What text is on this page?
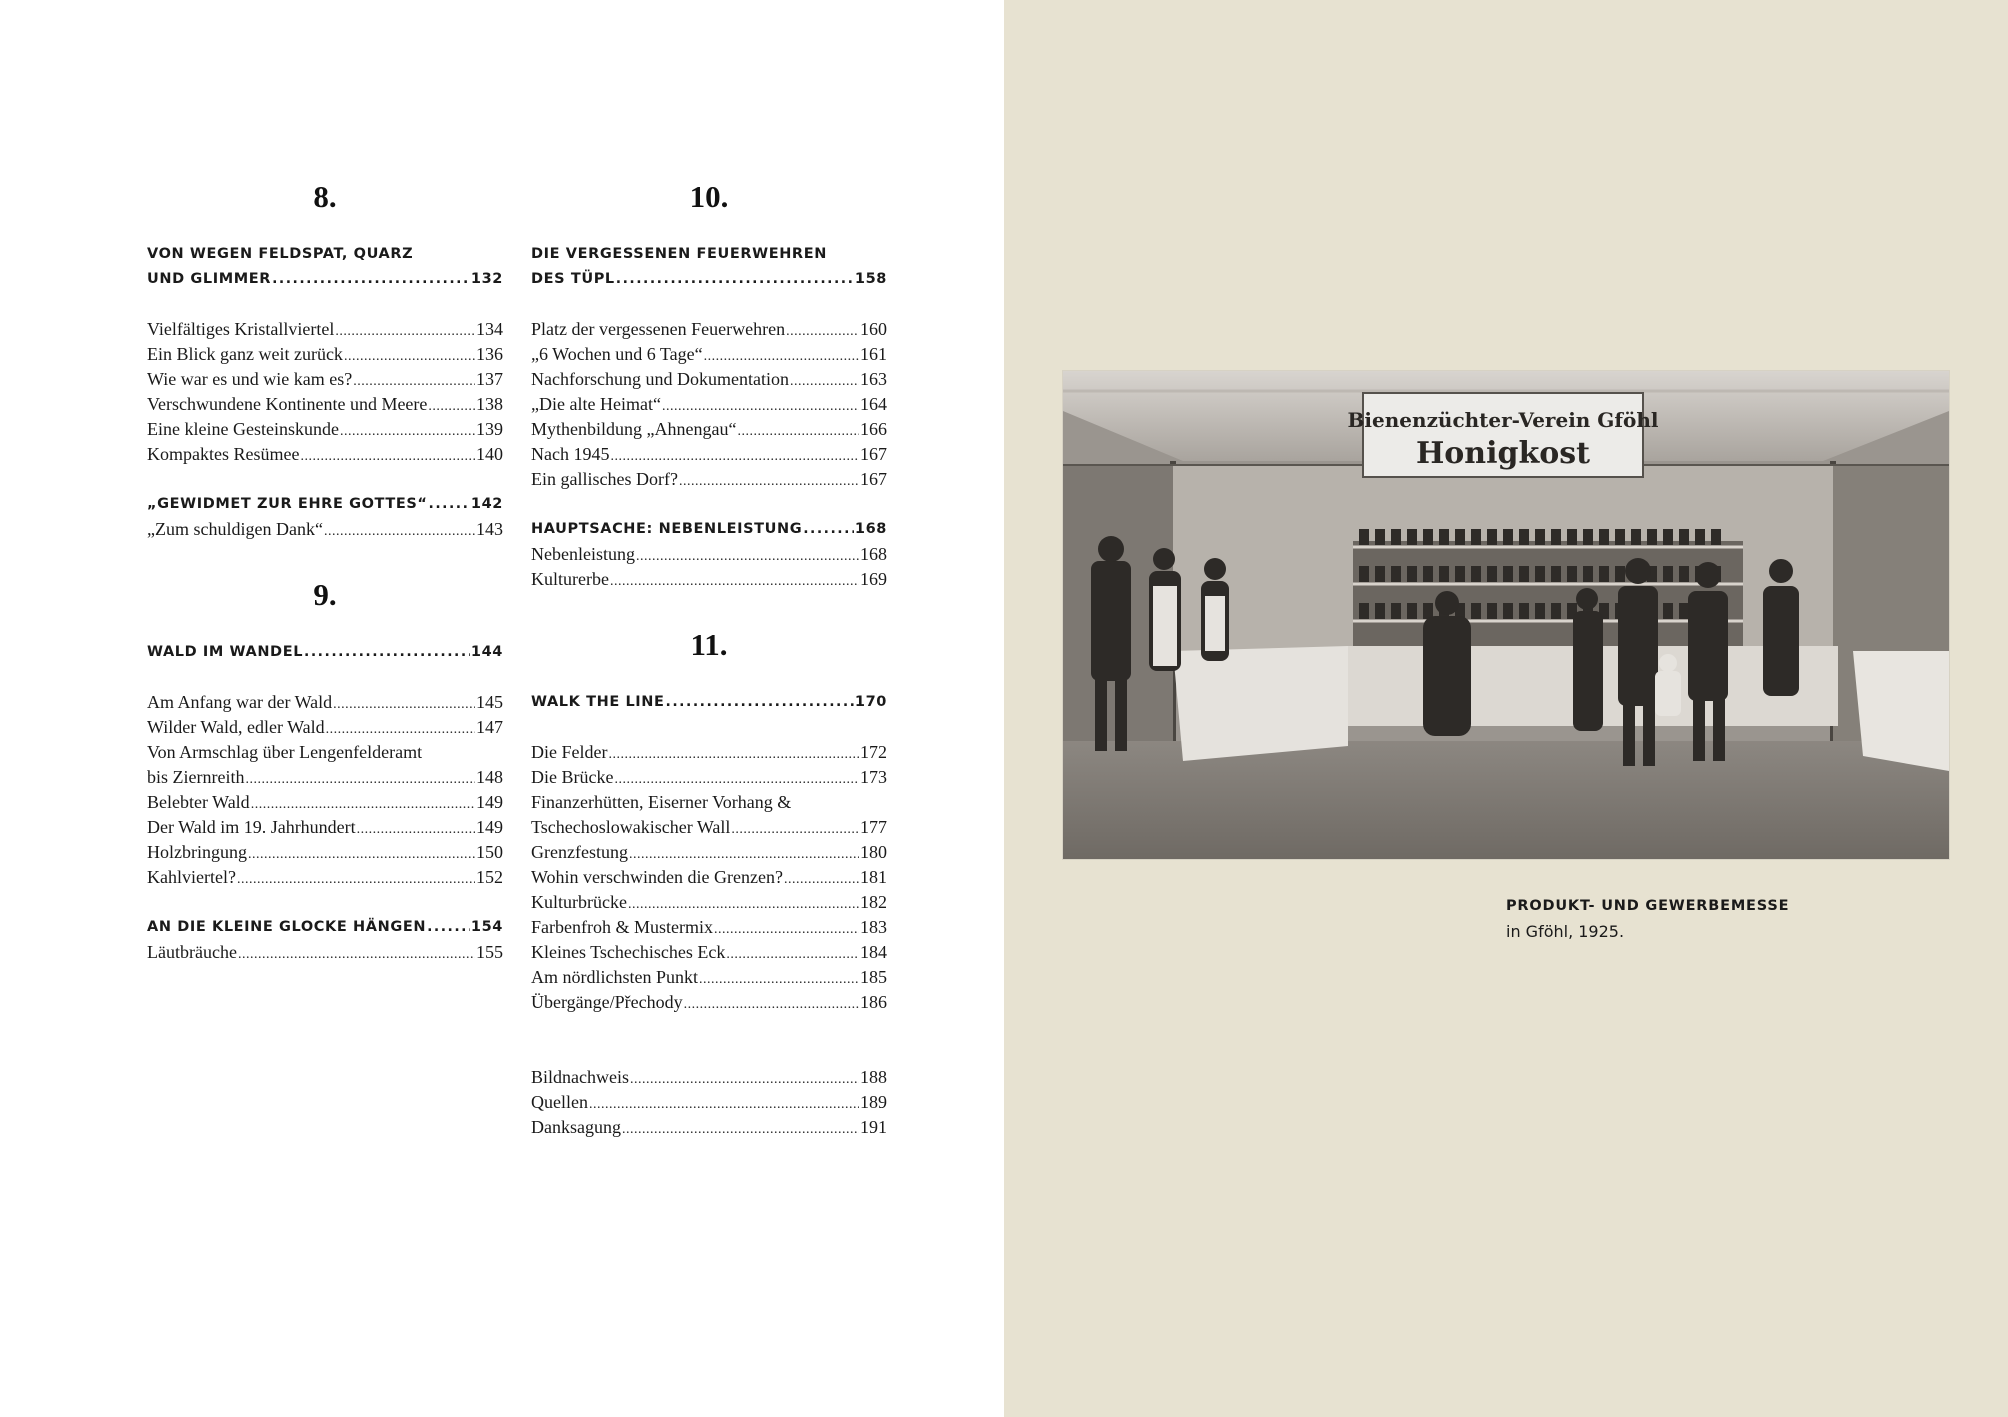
8.
VON WEGEN FELDSPAT, QUARZ
UND GLIMMER .....	132
Vielfältiges Kristallviertel .....	134
Ein Blick ganz weit zurück .....	136
Wie war es und wie kam es? .....	137
Verschwundene Kontinente und Meere .....	138
Eine kleine Gesteinskunde .....	139
Kompaktes Resümee .....	140
„GEWIDMET ZUR EHRE GOTTES“ .....	142
„Zum schuldigen Dank“ .....	143
9.
WALD IM WANDEL .....	144
Am Anfang war der Wald .....	145
Wilder Wald, edler Wald .....	147
Von Armschlag über Lengenfelderamt
bis Ziernreith .....	148
Belebter Wald .....	149
Der Wald im 19. Jahrhundert .....	149
Holzbringung .....	150
Kahlviertel? .....	152
AN DIE KLEINE GLOCKE HÄNGEN .....	154
Läutbräuche .....	155
10.
DIE VERGESSENEN FEUERWEHREN
DES TÜPL .....	158
Platz der vergessenen Feuerwehren .....	160
„6 Wochen und 6 Tage“ .....	161
Nachforschung und Dokumentation .....	163
„Die alte Heimat“ .....	164
Mythenbildung „Ahnengau“ .....	166
Nach 1945 .....	167
Ein gallisches Dorf? .....	167
HAUPTSACHE: NEBENLEISTUNG .....	168
Nebenleistung .....	168
Kulturerbe .....	169
11.
WALK THE LINE .....	170
Die Felder .....	172
Die Brücke .....	173
Finanzerhütten, Eiserner Vorhang &
Tschechoslowakischer Wall .....	177
Grenzfestung .....	180
Wohin verschwinden die Grenzen? .....	181
Kulturbrücke .....	182
Farbenfroh & Mustermix .....	183
Kleines Tschechisches Eck .....	184
Am nördlichsten Punkt .....	185
Übergänge/Přechody .....	186
Bildnachweis .....	188
Quellen .....	189
Danksagung .....	191
Bienenzüchter-Verein Gföhl
Honigkost
PRODUKT- UND GEWERBEMESSE
in Gföhl, 1925.
